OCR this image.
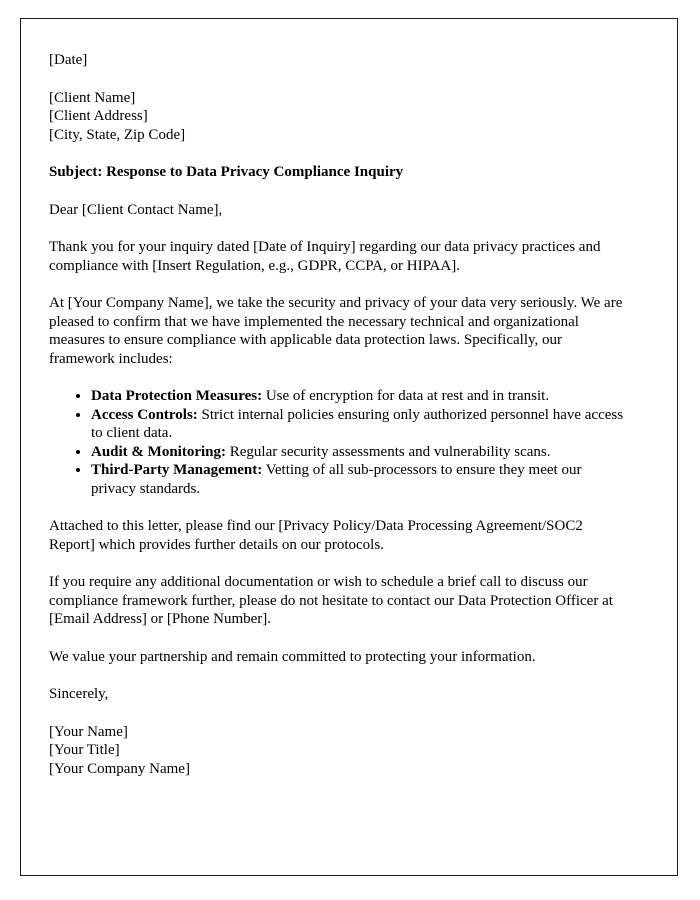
[Date]

[Client Name]
[Client Address]
[City, State, Zip Code]

Subject: Response to Data Privacy Compliance Inquiry

Dear [Client Contact Name],

Thank you for your inquiry dated [Date of Inquiry] regarding our data privacy practices and compliance with [Insert Regulation, e.g., GDPR, CCPA, or HIPAA].

At [Your Company Name], we take the security and privacy of your data very seriously. We are pleased to confirm that we have implemented the necessary technical and organizational measures to ensure compliance with applicable data protection laws. Specifically, our framework includes:

• Data Protection Measures: Use of encryption for data at rest and in transit.
• Access Controls: Strict internal policies ensuring only authorized personnel have access to client data.
• Audit & Monitoring: Regular security assessments and vulnerability scans.
• Third-Party Management: Vetting of all sub-processors to ensure they meet our privacy standards.

Attached to this letter, please find our [Privacy Policy/Data Processing Agreement/SOC2 Report] which provides further details on our protocols.

If you require any additional documentation or wish to schedule a brief call to discuss our compliance framework further, please do not hesitate to contact our Data Protection Officer at [Email Address] or [Phone Number].

We value your partnership and remain committed to protecting your information.

Sincerely,

[Your Name]
[Your Title]
[Your Company Name]
